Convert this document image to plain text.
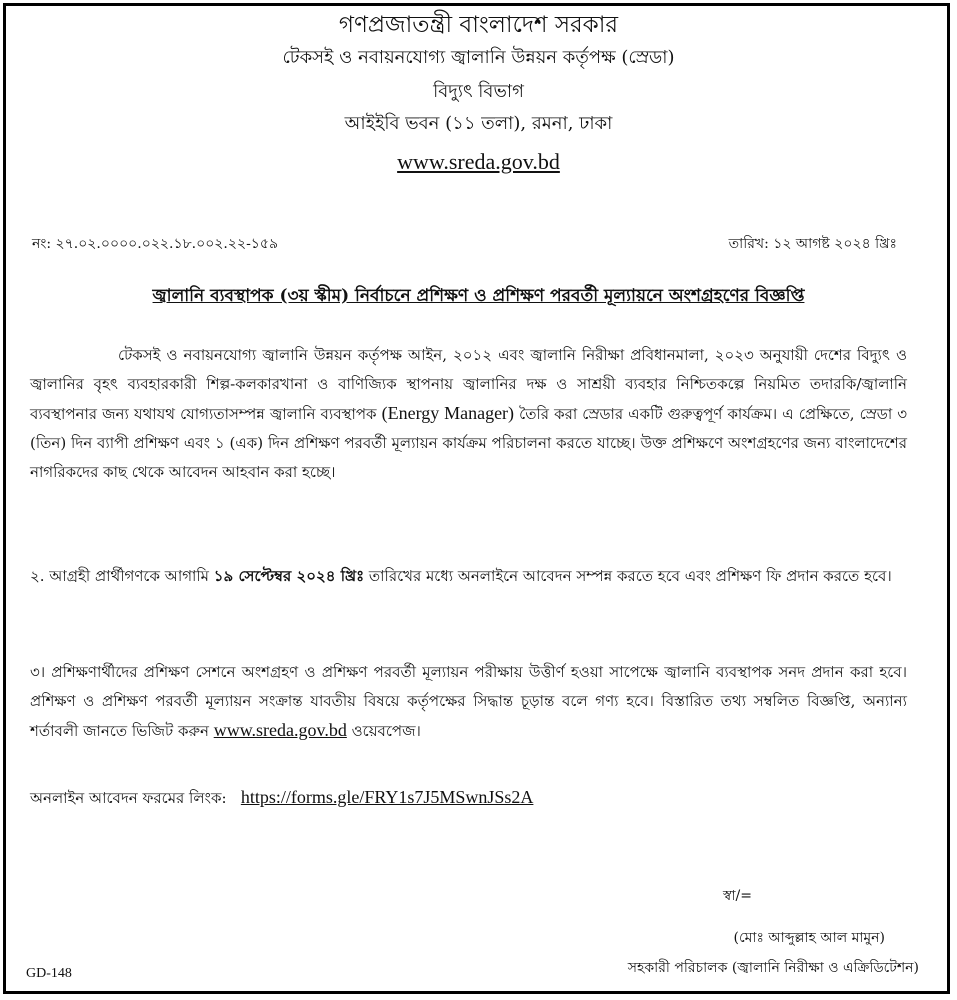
গণপ্রজাতন্ত্রী বাংলাদেশ সরকার
টেকসই ও নবায়নযোগ্য জ্বালানি উন্নয়ন কর্তৃপক্ষ (স্রেডা)
বিদ্যুৎ বিভাগ
আইইবি ভবন (১১ তলা), রমনা, ঢাকা
www.sreda.gov.bd
নং: ২৭.০২.০০০০.০২২.১৮.০০২.২২-১৫৯	তারিখ: ১২ আগষ্ট ২০২৪ খ্রিঃ
জ্বালানি ব্যবস্থাপক (৩য় স্কীম) নির্বাচনে প্রশিক্ষণ ও প্রশিক্ষণ পরবর্তী মূল্যায়নে অংশগ্রহণের বিজ্ঞপ্তি
টেকসই ও নবায়নযোগ্য জ্বালানি উন্নয়ন কর্তৃপক্ষ আইন, ২০১২ এবং জ্বালানি নিরীক্ষা প্রবিধানমালা, ২০২৩ অনুযায়ী দেশের বিদ্যুৎ ও জ্বালানির বৃহৎ ব্যবহারকারী শিল্প-কলকারখানা ও বাণিজ্যিক স্থাপনায় জ্বালানির দক্ষ ও সাশ্রয়ী ব্যবহার নিশ্চিতকল্পে নিয়মিত তদারকি/জ্বালানি ব্যবস্থাপনার জন্য যথাযথ যোগ্যতাসম্পন্ন জ্বালানি ব্যবস্থাপক (Energy Manager) তৈরি করা স্রেডার একটি গুরুত্বপূর্ণ কার্যক্রম। এ প্রেক্ষিতে, স্রেডা ৩ (তিন) দিন ব্যাপী প্রশিক্ষণ এবং ১ (এক) দিন প্রশিক্ষণ পরবর্তী মূল্যায়ন কার্যক্রম পরিচালনা করতে যাচ্ছে। উক্ত প্রশিক্ষণে অংশগ্রহণের জন্য বাংলাদেশের নাগরিকদের কাছ থেকে আবেদন আহবান করা হচ্ছে।
২. আগ্রহী প্রার্থীগণকে আগামি ১৯ সেপ্টেম্বর ২০২৪ খ্রিঃ তারিখের মধ্যে অনলাইনে আবেদন সম্পন্ন করতে হবে এবং প্রশিক্ষণ ফি প্রদান করতে হবে।
৩। প্রশিক্ষণার্থীদের প্রশিক্ষণ সেশনে অংশগ্রহণ ও প্রশিক্ষণ পরবর্তী মূল্যায়ন পরীক্ষায় উত্তীর্ণ হওয়া সাপেক্ষে জ্বালানি ব্যবস্থাপক সনদ প্রদান করা হবে। প্রশিক্ষণ ও প্রশিক্ষণ পরবর্তী মূল্যায়ন সংক্রান্ত যাবতীয় বিষয়ে কর্তৃপক্ষের সিদ্ধান্ত চূড়ান্ত বলে গণ্য হবে। বিস্তারিত তথ্য সম্বলিত বিজ্ঞপ্তি, অন্যান্য শর্তাবলী জানতে ভিজিট করুন www.sreda.gov.bd ওয়েবপেজ।
অনলাইন আবেদন ফরমের লিংক: https://forms.gle/FRY1s7J5MSwnJSs2A
স্বা/=
(মোঃ আব্দুল্লাহ আল মামুন)
সহকারী পরিচালক (জ্বালানি নিরীক্ষা ও এক্রিডিটেশন)
GD-148
